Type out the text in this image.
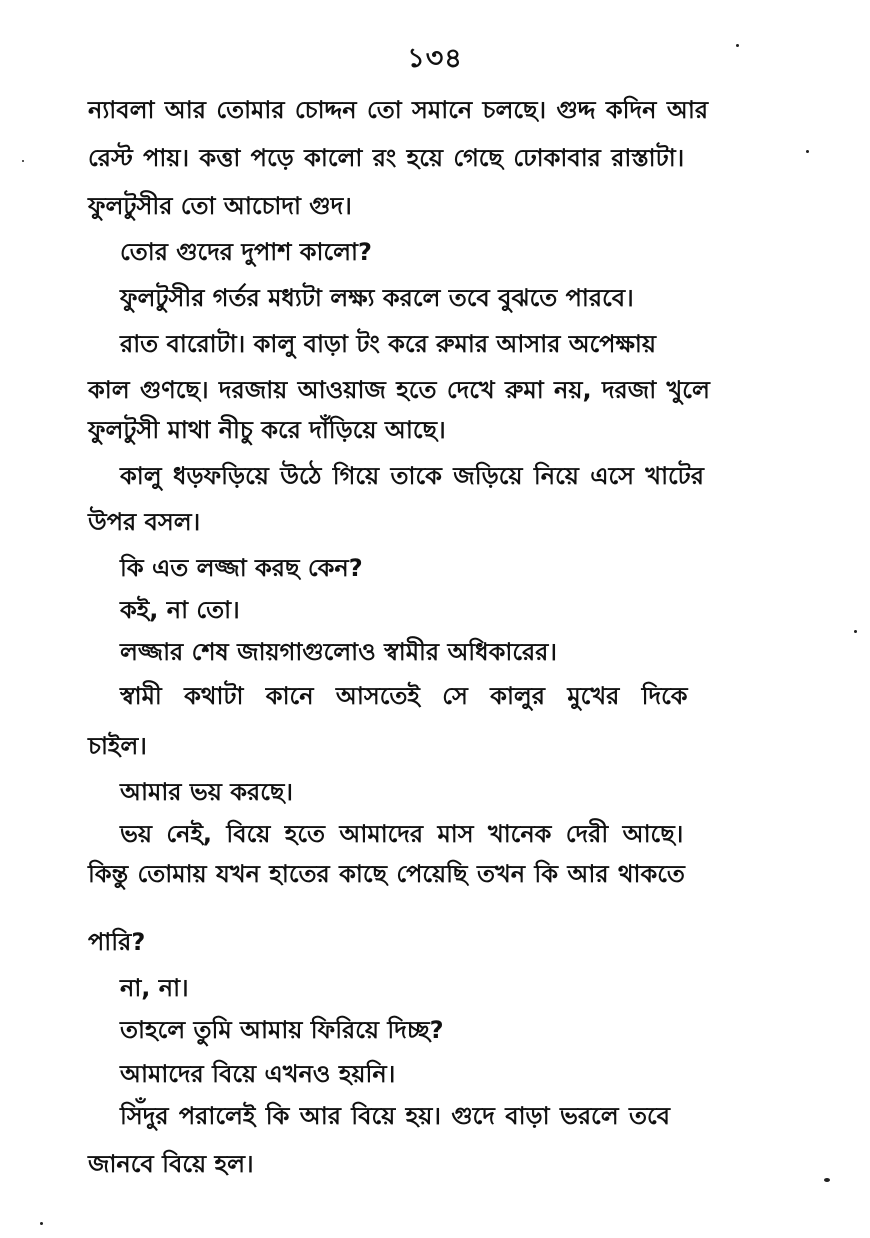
১৩৪
ন্যাবলা আর তোমার চোদ্দন তো সমানে চলছে। গুদ্দ কদিন আর
রেস্ট পায়। কত্তা পড়ে কালো রং হয়ে গেছে ঢোকাবার রাস্তাটা।
ফুলটুসীর তো আচোদা গুদ।
তোর গুদের দুপাশ কালো?
ফুলটুসীর গর্তর মধ্যটা লক্ষ্য করলে তবে বুঝতে পারবে।
রাত বারোটা। কালু বাড়া টং করে রুমার আসার অপেক্ষায়
কাল গুণছে। দরজায় আওয়াজ হতে দেখে রুমা নয়, দরজা খুলে
ফুলটুসী মাথা নীচু করে দাঁড়িয়ে আছে।
কালু ধড়ফড়িয়ে উঠে গিয়ে তাকে জড়িয়ে নিয়ে এসে খাটের
উপর বসল।
কি এত লজ্জা করছ কেন?
কই, না তো।
লজ্জার শেষ জায়গাগুলোও স্বামীর অধিকারের।
স্বামী কথাটা কানে আসতেই সে কালুর মুখের দিকে
চাইল।
আমার ভয় করছে।
ভয় নেই, বিয়ে হতে আমাদের মাস খানেক দেরী আছে।
কিন্তু তোমায় যখন হাতের কাছে পেয়েছি তখন কি আর থাকতে
পারি?
না, না।
তাহলে তুমি আমায় ফিরিয়ে দিচ্ছ?
আমাদের বিয়ে এখনও হয়নি।
সিঁদুর পরালেই কি আর বিয়ে হয়। গুদে বাড়া ভরলে তবে
জানবে বিয়ে হল।
